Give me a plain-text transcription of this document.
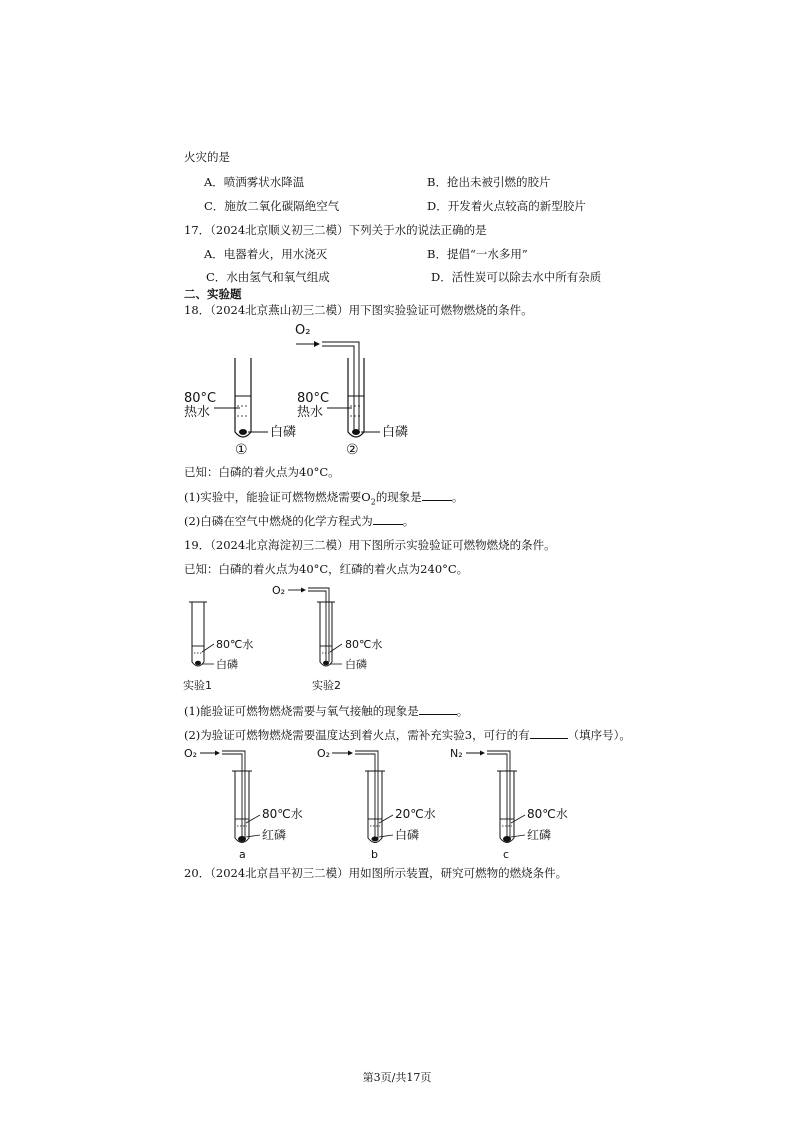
火灾的是
A．喷洒雾状水降温	B．抢出未被引燃的胶片
C．施放二氧化碳隔绝空气	D．开发着火点较高的新型胶片
17．（2024北京顺义初三二模）下列关于水的说法正确的是
A．电器着火，用水浇灭	B．提倡“一水多用”
C．水由氢气和氧气组成	D．活性炭可以除去水中所有杂质
二、实验题
18．（2024北京燕山初三二模）用下图实验验证可燃物燃烧的条件。
80°C
热水
白磷
①
O₂
80°C
热水
白磷
②
已知：白磷的着火点为40°C。
(1)实验中，能验证可燃物燃烧需要$O_2$的现象是	。
(2)白磷在空气中燃烧的化学方程式为	。
19．（2024北京海淀初三二模）用下图所示实验验证可燃物燃烧的条件。
已知：白磷的着火点为40°C，红磷的着火点为240°C。
80℃水
白磷
实验1
O₂
80℃水
白磷
实验2
(1)能验证可燃物燃烧需要与氧气接触的现象是	。
(2)为验证可燃物燃烧需要温度达到着火点，需补充实验3，可行的有	（填序号）。
O₂
80℃水
红磷
a
O₂
20℃水
白磷
b
N₂
80℃水
红磷
c
20．（2024北京昌平初三二模）用如图所示装置，研究可燃物的燃烧条件。
第3页/共17页
